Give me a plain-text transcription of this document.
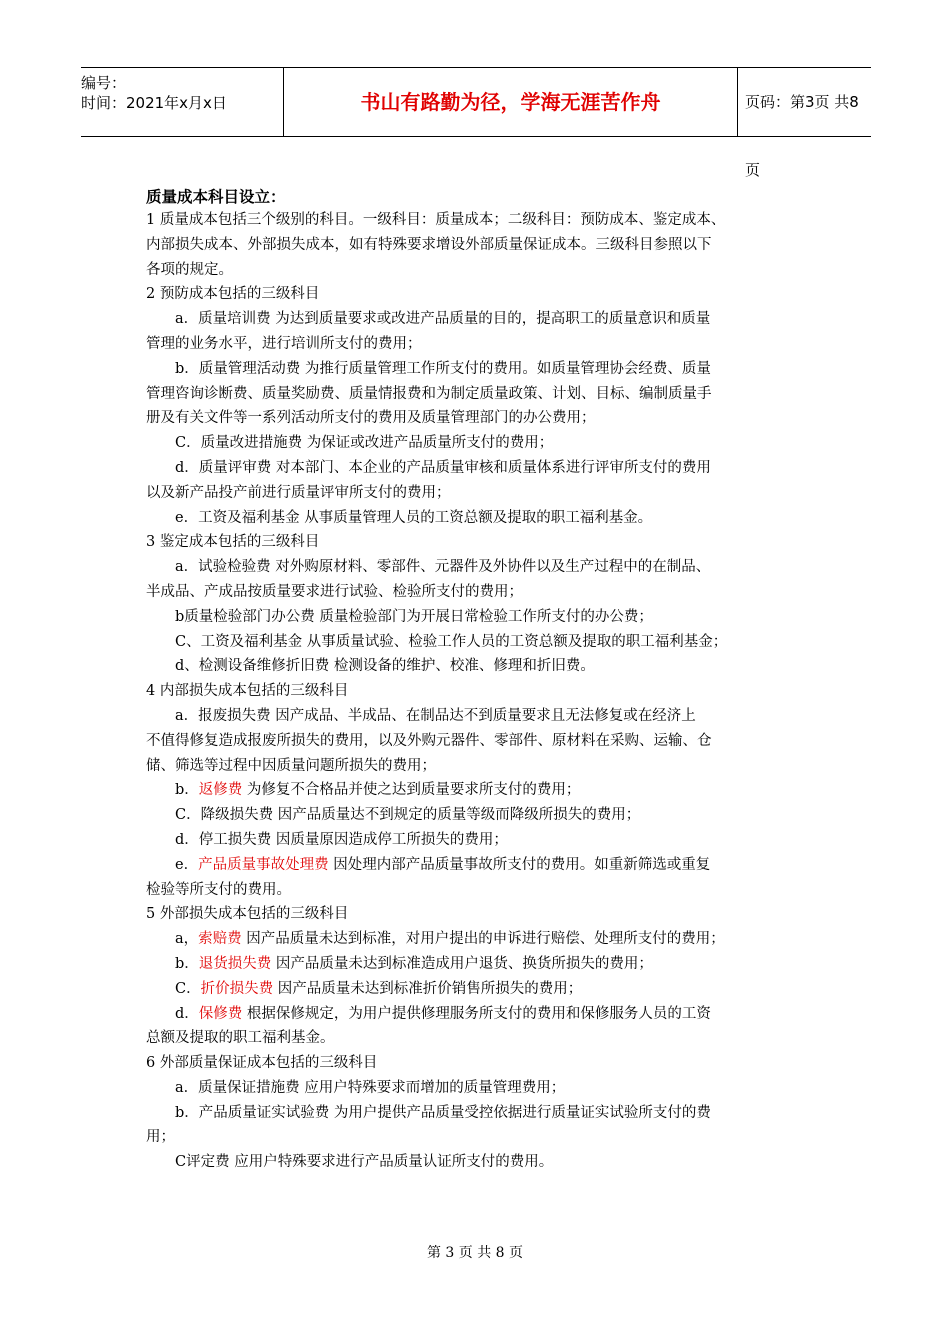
编号：
时间：2021年x月x日	书山有路勤为径，学海无涯苦作舟	页码：第3页 共8页
质量成本科目设立：

1 质量成本包括三个级别的科目。一级科目：质量成本；二级科目：预防成本、鉴定成本、

内部损失成本、外部损失成本，如有特殊要求增设外部质量保证成本。三级科目参照以下

各项的规定。

2 预防成本包括的三级科目

a．质量培训费 为达到质量要求或改进产品质量的目的，提高职工的质量意识和质量

管理的业务水平，进行培训所支付的费用；

b．质量管理活动费 为推行质量管理工作所支付的费用。如质量管理协会经费、质量

管理咨询诊断费、质量奖励费、质量情报费和为制定质量政策、计划、目标、编制质量手

册及有关文件等一系列活动所支付的费用及质量管理部门的办公费用；

C．质量改进措施费 为保证或改进产品质量所支付的费用；

d．质量评审费 对本部门、本企业的产品质量审核和质量体系进行评审所支付的费用

以及新产品投产前进行质量评审所支付的费用；

e．工资及福利基金 从事质量管理人员的工资总额及提取的职工福利基金。

3 鉴定成本包括的三级科目

a．试验检验费 对外购原材料、零部件、元器件及外协件以及生产过程中的在制品、

半成品、产成品按质量要求进行试验、检验所支付的费用；

b质量检验部门办公费 质量检验部门为开展日常检验工作所支付的办公费；

C、工资及福利基金 从事质量试验、检验工作人员的工资总额及提取的职工福利基金；

d、检测设备维修折旧费 检测设备的维护、校准、修理和折旧费。

4 内部损失成本包括的三级科目

a．报废损失费 因产成品、半成品、在制品达不到质量要求且无法修复或在经济上

不值得修复造成报废所损失的费用，以及外购元器件、零部件、原材料在采购、运输、仓

储、筛选等过程中因质量问题所损失的费用；

b．返修费 为修复不合格品并使之达到质量要求所支付的费用；

C．降级损失费 因产品质量达不到规定的质量等级而降级所损失的费用；

d．停工损失费 因质量原因造成停工所损失的费用；

e．产品质量事故处理费 因处理内部产品质量事故所支付的费用。如重新筛选或重复

检验等所支付的费用。

5 外部损失成本包括的三级科目

a，索赔费 因产品质量未达到标准，对用户提出的申诉进行赔偿、处理所支付的费用；

b．退货损失费 因产品质量未达到标准造成用户退货、换货所损失的费用；

C．折价损失费 因产品质量未达到标准折价销售所损失的费用；

d．保修费 根据保修规定，为用户提供修理服务所支付的费用和保修服务人员的工资

总额及提取的职工福利基金。

6 外部质量保证成本包括的三级科目

a．质量保证措施费 应用户特殊要求而增加的质量管理费用；

b．产品质量证实试验费 为用户提供产品质量受控依据进行质量证实试验所支付的费

用；

C评定费 应用户特殊要求进行产品质量认证所支付的费用。

第 3 页 共 8 页
